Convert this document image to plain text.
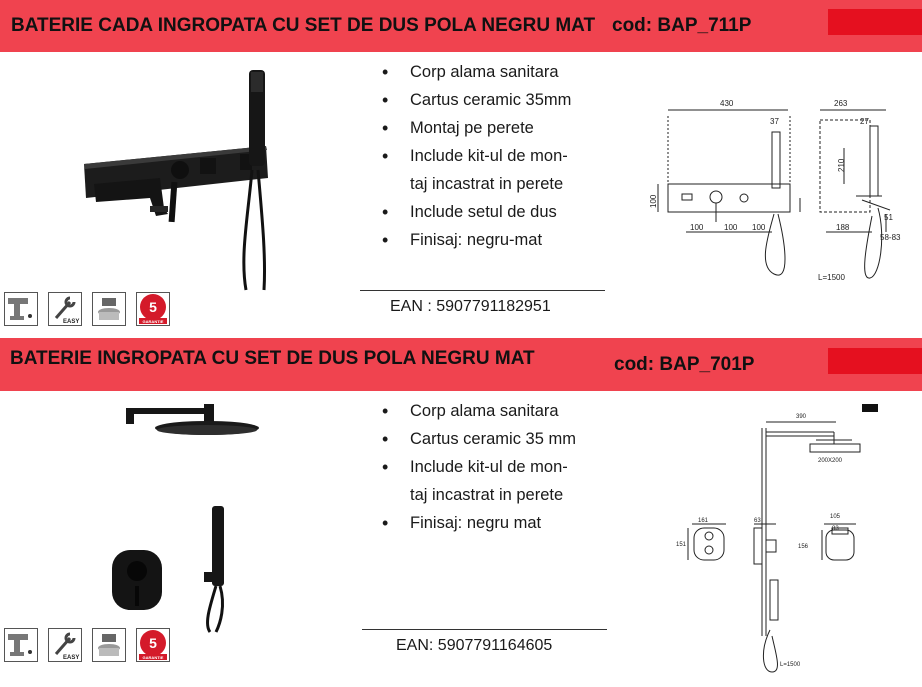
BATERIE CADA INGROPATA CU SET DE DUS POLA NEGRU MAT cod: BAP_711P
EASY
5
GARANTIE
• Corp alama sanitara
• Cartus ceramic 35mm
• Montaj pe perete
• Include kit-ul de mon-
taj incastrat in perete
• Include setul de dus
• Finisaj: negru-mat
EAN : 5907791182951
430	263
37	27
210
100
100	100 100	188
51
58-83
L=1500
BATERIE INGROPATA CU SET DE DUS POLA NEGRU MAT	cod: BAP_701P
EASY
5
GARANTIE
• Corp alama sanitara
• Cartus ceramic 35 mm
• Include kit-ul de mon-
taj incastrat in perete
• Finisaj: negru mat
EAN: 5907791164605
390
200X200
161
151
63
105
83
156
L=1500
